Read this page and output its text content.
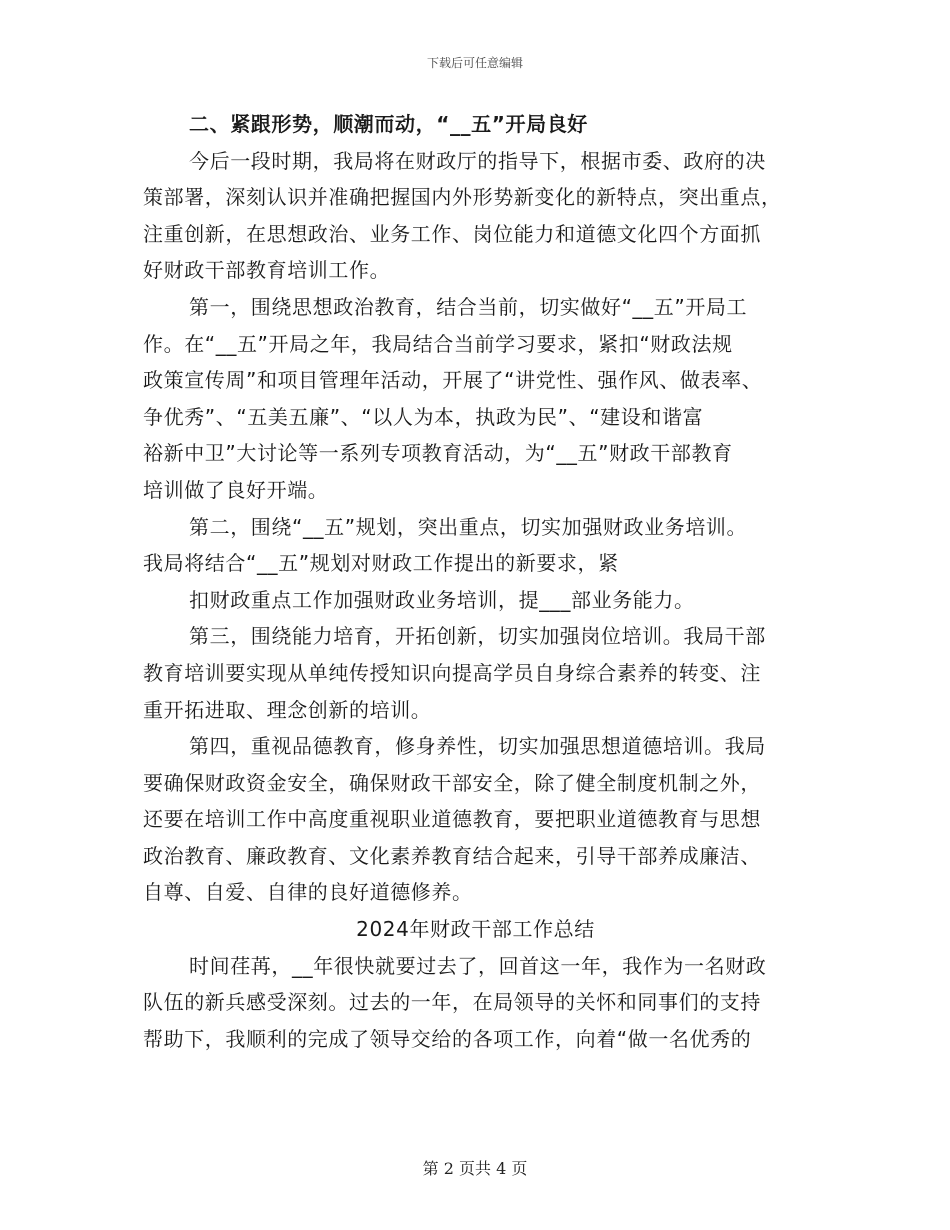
下载后可任意编辑
二、紧跟形势，顺潮而动，“__五”开局良好
今后一段时期，我局将在财政厅的指导下，根据市委、政府的决
策部署，深刻认识并准确把握国内外形势新变化的新特点，突出重点，
注重创新，在思想政治、业务工作、岗位能力和道德文化四个方面抓
好财政干部教育培训工作。
第一，围绕思想政治教育，结合当前，切实做好“__五”开局工
作。在“__五”开局之年，我局结合当前学习要求，紧扣“财政法规
政策宣传周”和项目管理年活动，开展了“讲党性、强作风、做表率、
争优秀”、“五美五廉”、“以人为本，执政为民”、“建设和谐富
裕新中卫”大讨论等一系列专项教育活动，为“__五”财政干部教育
培训做了良好开端。
第二，围绕“__五”规划，突出重点，切实加强财政业务培训。
我局将结合“__五”规划对财政工作提出的新要求，紧
扣财政重点工作加强财政业务培训，提___部业务能力。
第三，围绕能力培育，开拓创新，切实加强岗位培训。我局干部
教育培训要实现从单纯传授知识向提高学员自身综合素养的转变、注
重开拓进取、理念创新的培训。
第四，重视品德教育，修身养性，切实加强思想道德培训。我局
要确保财政资金安全，确保财政干部安全，除了健全制度机制之外，
还要在培训工作中高度重视职业道德教育，要把职业道德教育与思想
政治教育、廉政教育、文化素养教育结合起来，引导干部养成廉洁、
自尊、自爱、自律的良好道德修养。
2024年财政干部工作总结
时间荏苒，__年很快就要过去了，回首这一年，我作为一名财政
队伍的新兵感受深刻。过去的一年，在局领导的关怀和同事们的支持
帮助下，我顺利的完成了领导交给的各项工作，向着“做一名优秀的
第 2 页共 4 页
